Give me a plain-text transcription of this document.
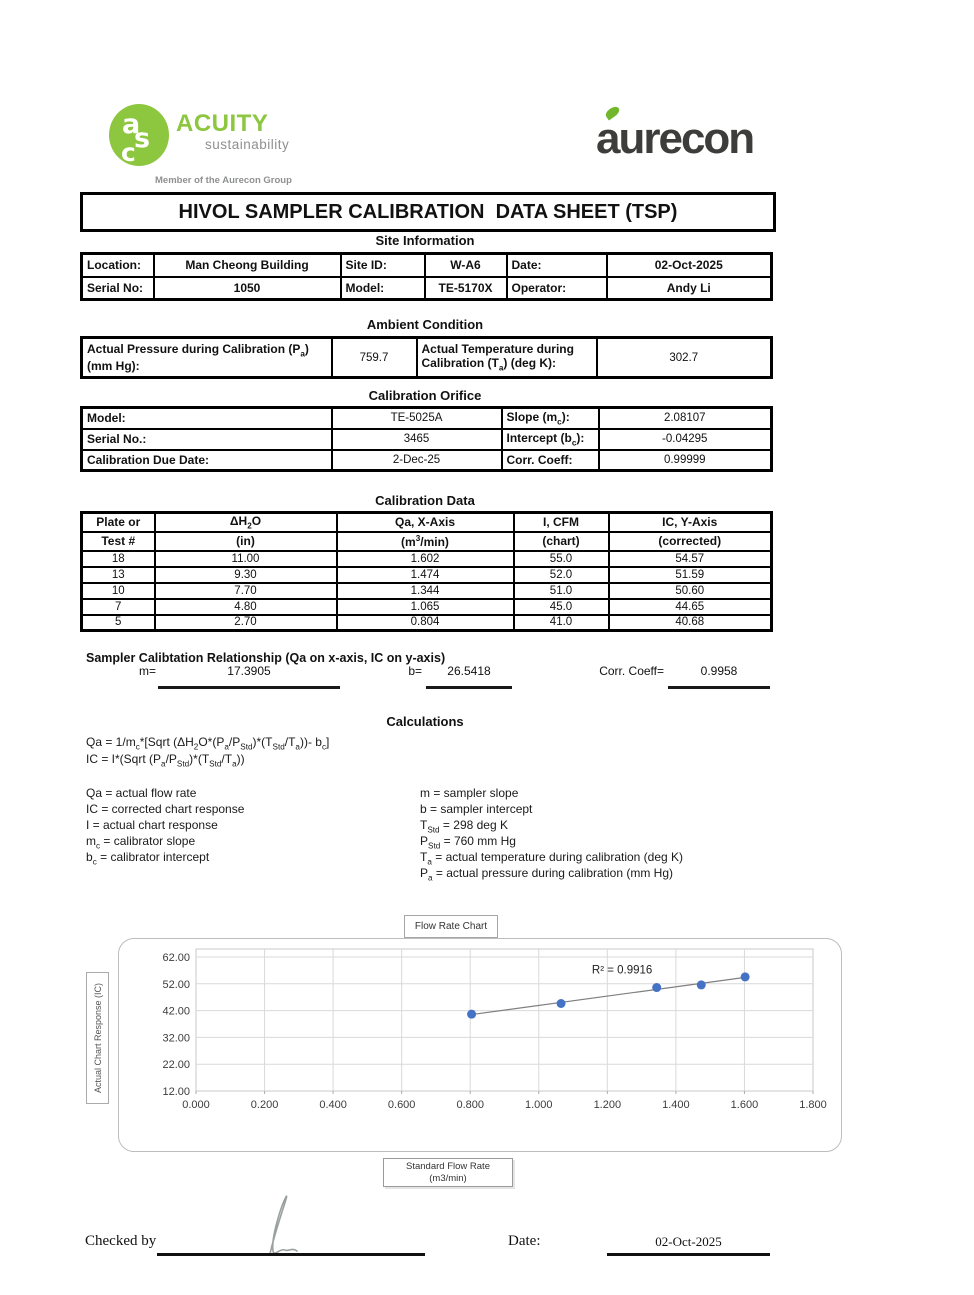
a
s
c
ACUITY
sustainability
Member of the Aurecon Group
aurecon
HIVOL SAMPLER CALIBRATION  DATA SHEET (TSP)
Site Information
Location:	Man Cheong Building	Site ID:	W-A6	Date:	02-Oct-2025
Serial No:	1050	Model:	TE-5170X	Operator:	Andy Li
Ambient Condition
Actual Pressure during Calibration $(P_a)$ (mm Hg):	759.7	Actual Temperature during Calibration $(T_a)$ (deg K):	302.7
Calibration Orifice
Model:	TE-5025A	Slope $(m_c)$:	2.08107
Serial No.:	3465	Intercept $(b_c)$:	-0.04295
Calibration Due Date:	2-Dec-25	Corr. Coeff:	0.99999
Calibration Data
Plate or	$\Delta H_2O$	Qa, X-Axis	I, CFM	IC, Y-Axis
Test #	(in)	$(m^3/\min)$	(chart)	(corrected)
18	11.00	1.602	55.0	54.57
13	9.30	1.474	52.0	51.59
10	7.70	1.344	51.0	50.60
7	4.80	1.065	45.0	44.65
5	2.70	0.804	41.0	40.68
Sampler Calibtation Relationship (Qa on x-axis, IC on y-axis)
m=	17.3905	b=	26.5418	Corr. Coeff=	0.9958
Calculations
$Qa = 1/m_c*[Sqrt$ $(\Delta H_2O*(P_a/P_{Std})*(T_{Std}/T_a))-$ $b_c$]
IC = I*(Sqrt $(P_a/P_{Std})*(T_{Std}/T_a)$)
Qa = actual flow rate
IC = corrected chart response
I = actual chart response
$m_c$ = calibrator slope
$b_c$ = calibrator intercept
m = sampler slope
b = sampler intercept
$T_{Std} = 298$ deg K
$P_{Std} = 760$ mm Hg
$T_a$ = actual temperature during calibration (deg K)
$P_a$ = actual pressure during calibration (mm Hg)
Flow Rate Chart
0.000	0.200	0.400	0.600	0.800	1.000	1.200	1.400	1.600	1.800
12.00
22.00
32.00
42.00
52.00
62.00
R² = 0.9916
Actual Chart Response (IC)
Standard Flow Rate
(m3/min)
Checked by	Date:	02-Oct-2025
